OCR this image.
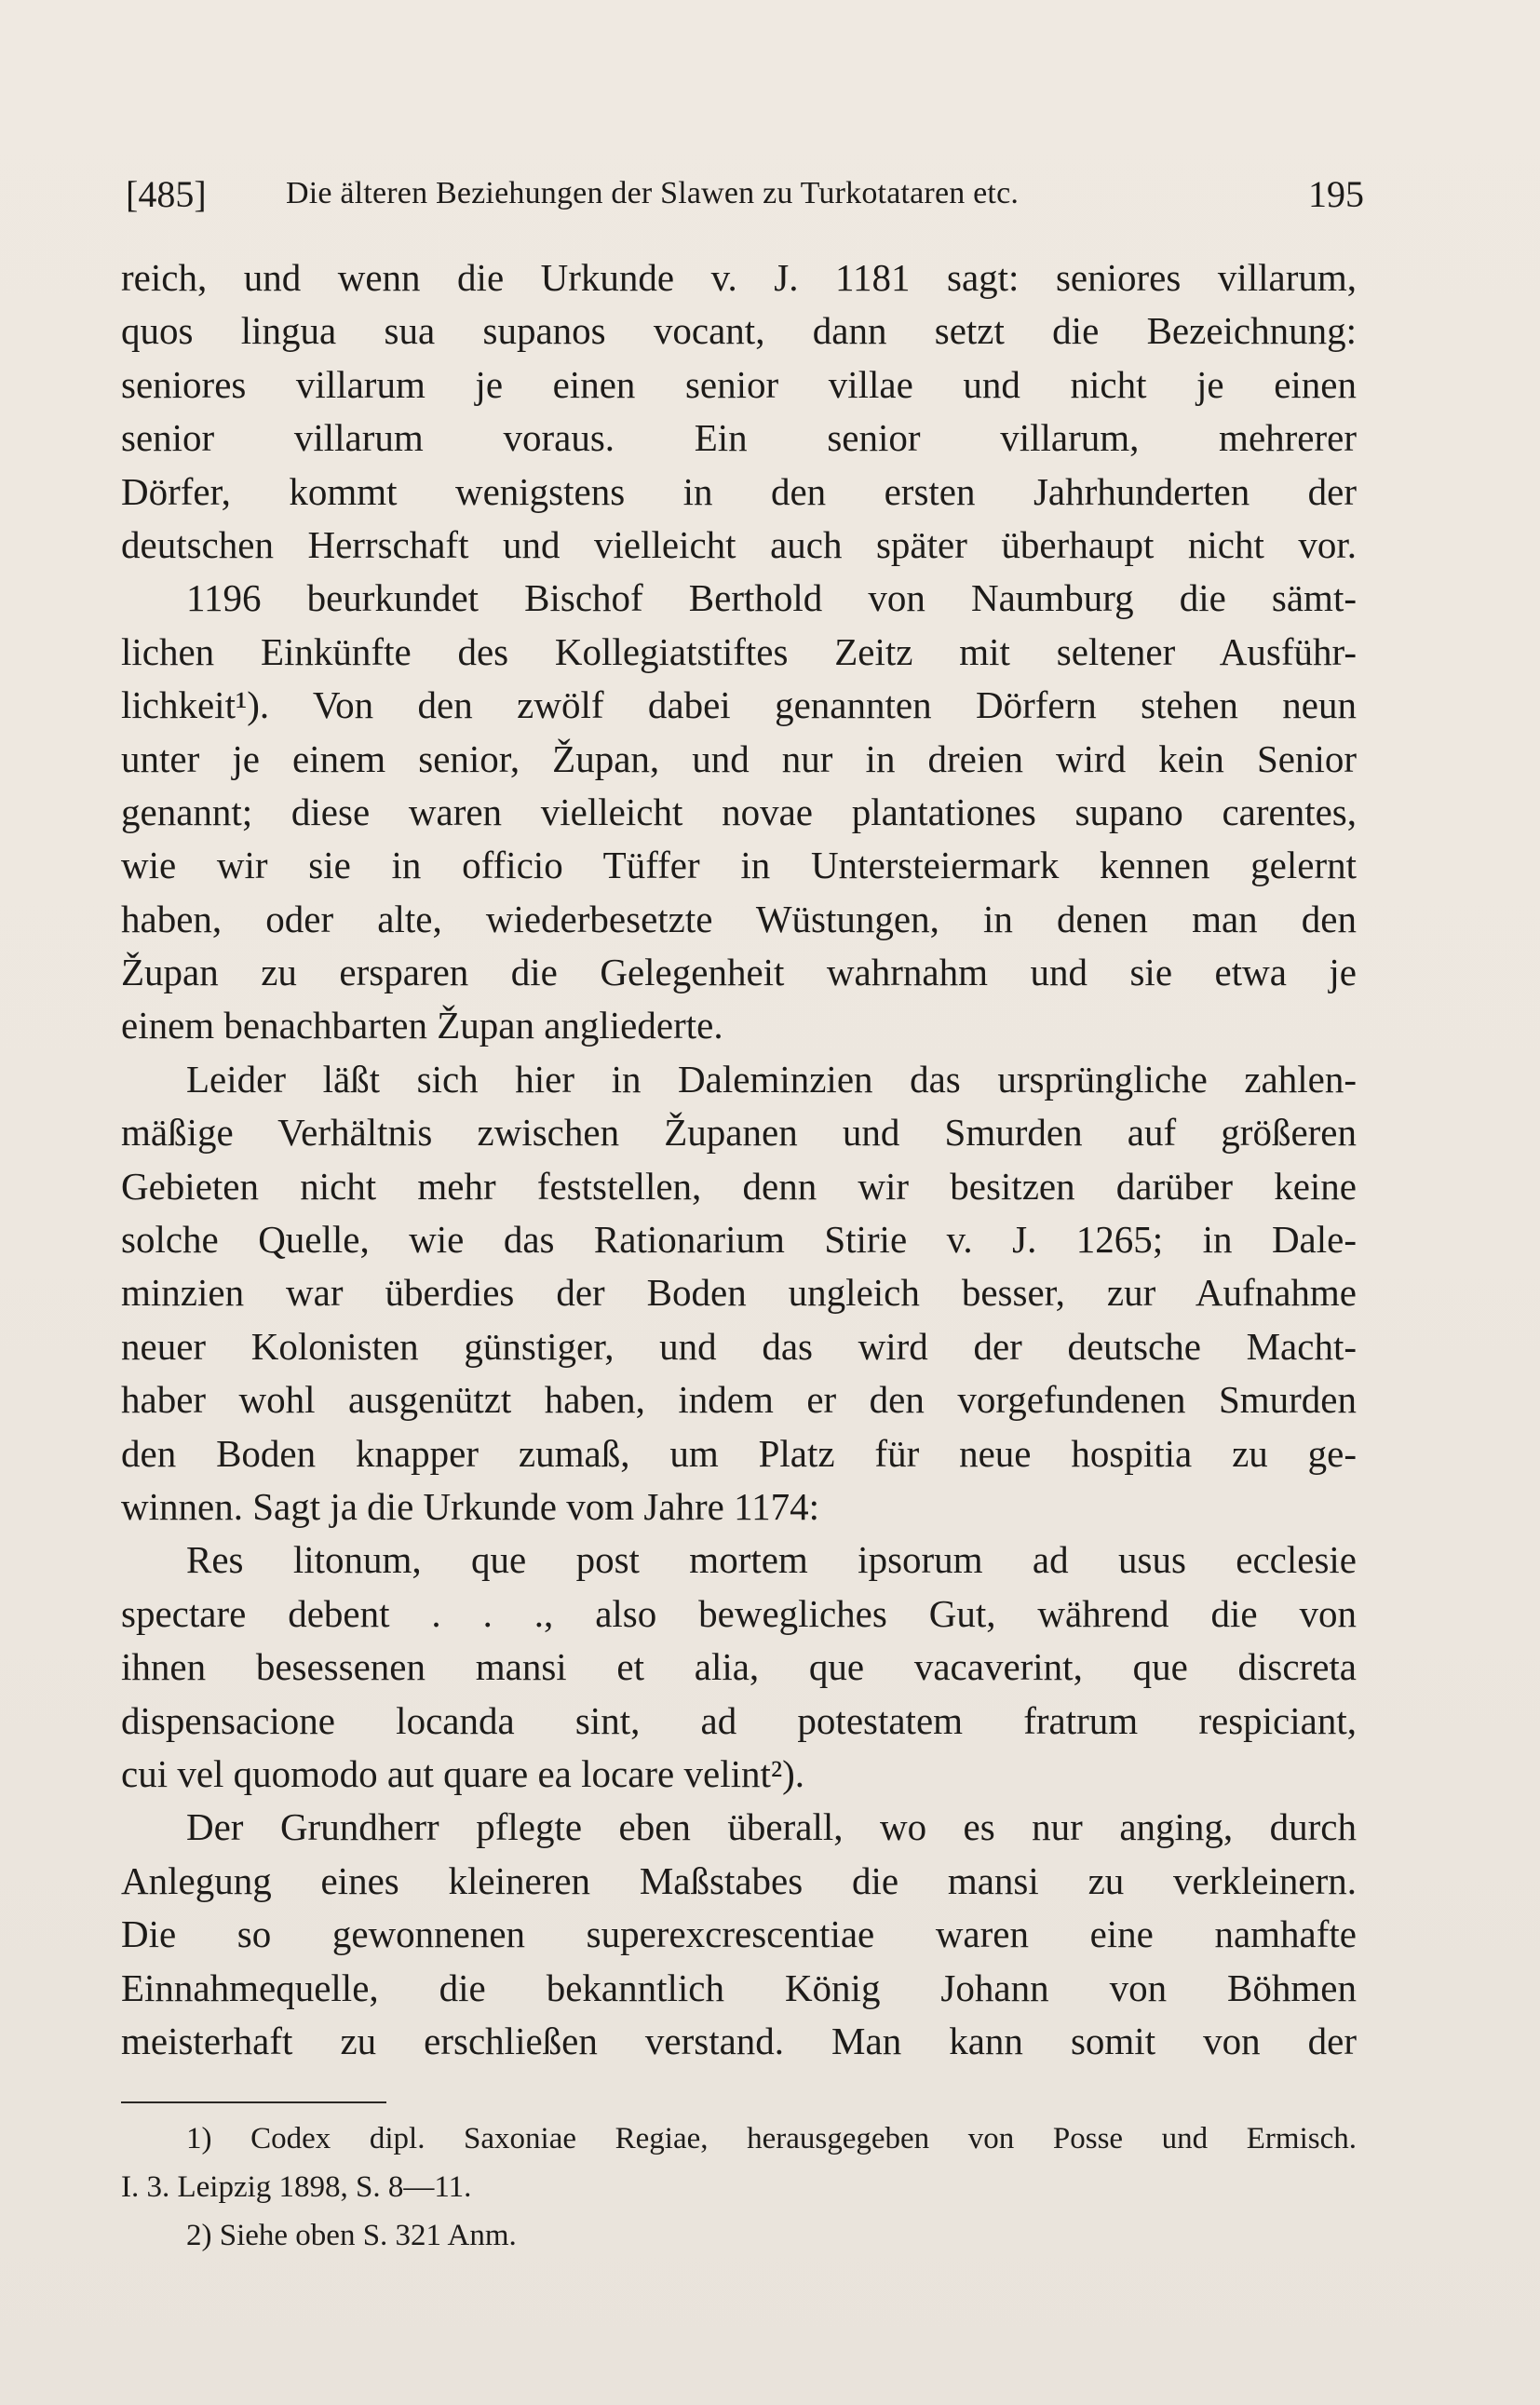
[485]	Die älteren Beziehungen der Slawen zu Turkotataren etc.	195
reich, und wenn die Urkunde v. J. 1181 sagt: seniores villarum,
quos lingua sua supanos vocant, dann setzt die Bezeichnung:
seniores villarum je einen senior villae und nicht je einen
senior villarum voraus. Ein senior villarum, mehrerer
Dörfer, kommt wenigstens in den ersten Jahrhunderten der
deutschen Herrschaft und vielleicht auch später überhaupt nicht vor.
1196 beurkundet Bischof Berthold von Naumburg die sämt-
lichen Einkünfte des Kollegiatstiftes Zeitz mit seltener Ausführ-
lichkeit¹). Von den zwölf dabei genannten Dörfern stehen neun
unter je einem senior, Župan, und nur in dreien wird kein Senior
genannt; diese waren vielleicht novae plantationes supano carentes,
wie wir sie in officio Tüffer in Untersteiermark kennen gelernt
haben, oder alte, wiederbesetzte Wüstungen, in denen man den
Župan zu ersparen die Gelegenheit wahrnahm und sie etwa je
einem benachbarten Župan angliederte.
Leider läßt sich hier in Daleminzien das ursprüngliche zahlen-
mäßige Verhältnis zwischen Županen und Smurden auf größeren
Gebieten nicht mehr feststellen, denn wir besitzen darüber keine
solche Quelle, wie das Rationarium Stirie v. J. 1265; in Dale-
minzien war überdies der Boden ungleich besser, zur Aufnahme
neuer Kolonisten günstiger, und das wird der deutsche Macht-
haber wohl ausgenützt haben, indem er den vorgefundenen Smurden
den Boden knapper zumaß, um Platz für neue hospitia zu ge-
winnen. Sagt ja die Urkunde vom Jahre 1174:
Res litonum, que post mortem ipsorum ad usus ecclesie
spectare debent . . ., also bewegliches Gut, während die von
ihnen besessenen mansi et alia, que vacaverint, que discreta
dispensacione locanda sint, ad potestatem fratrum respiciant,
cui vel quomodo aut quare ea locare velint²).
Der Grundherr pflegte eben überall, wo es nur anging, durch
Anlegung eines kleineren Maßstabes die mansi zu verkleinern.
Die so gewonnenen superexcrescentiae waren eine namhafte
Einnahmequelle, die bekanntlich König Johann von Böhmen
meisterhaft zu erschließen verstand. Man kann somit von der
1) Codex dipl. Saxoniae Regiae, herausgegeben von Posse und Ermisch.
I. 3. Leipzig 1898, S. 8—11.
2) Siehe oben S. 321 Anm.
